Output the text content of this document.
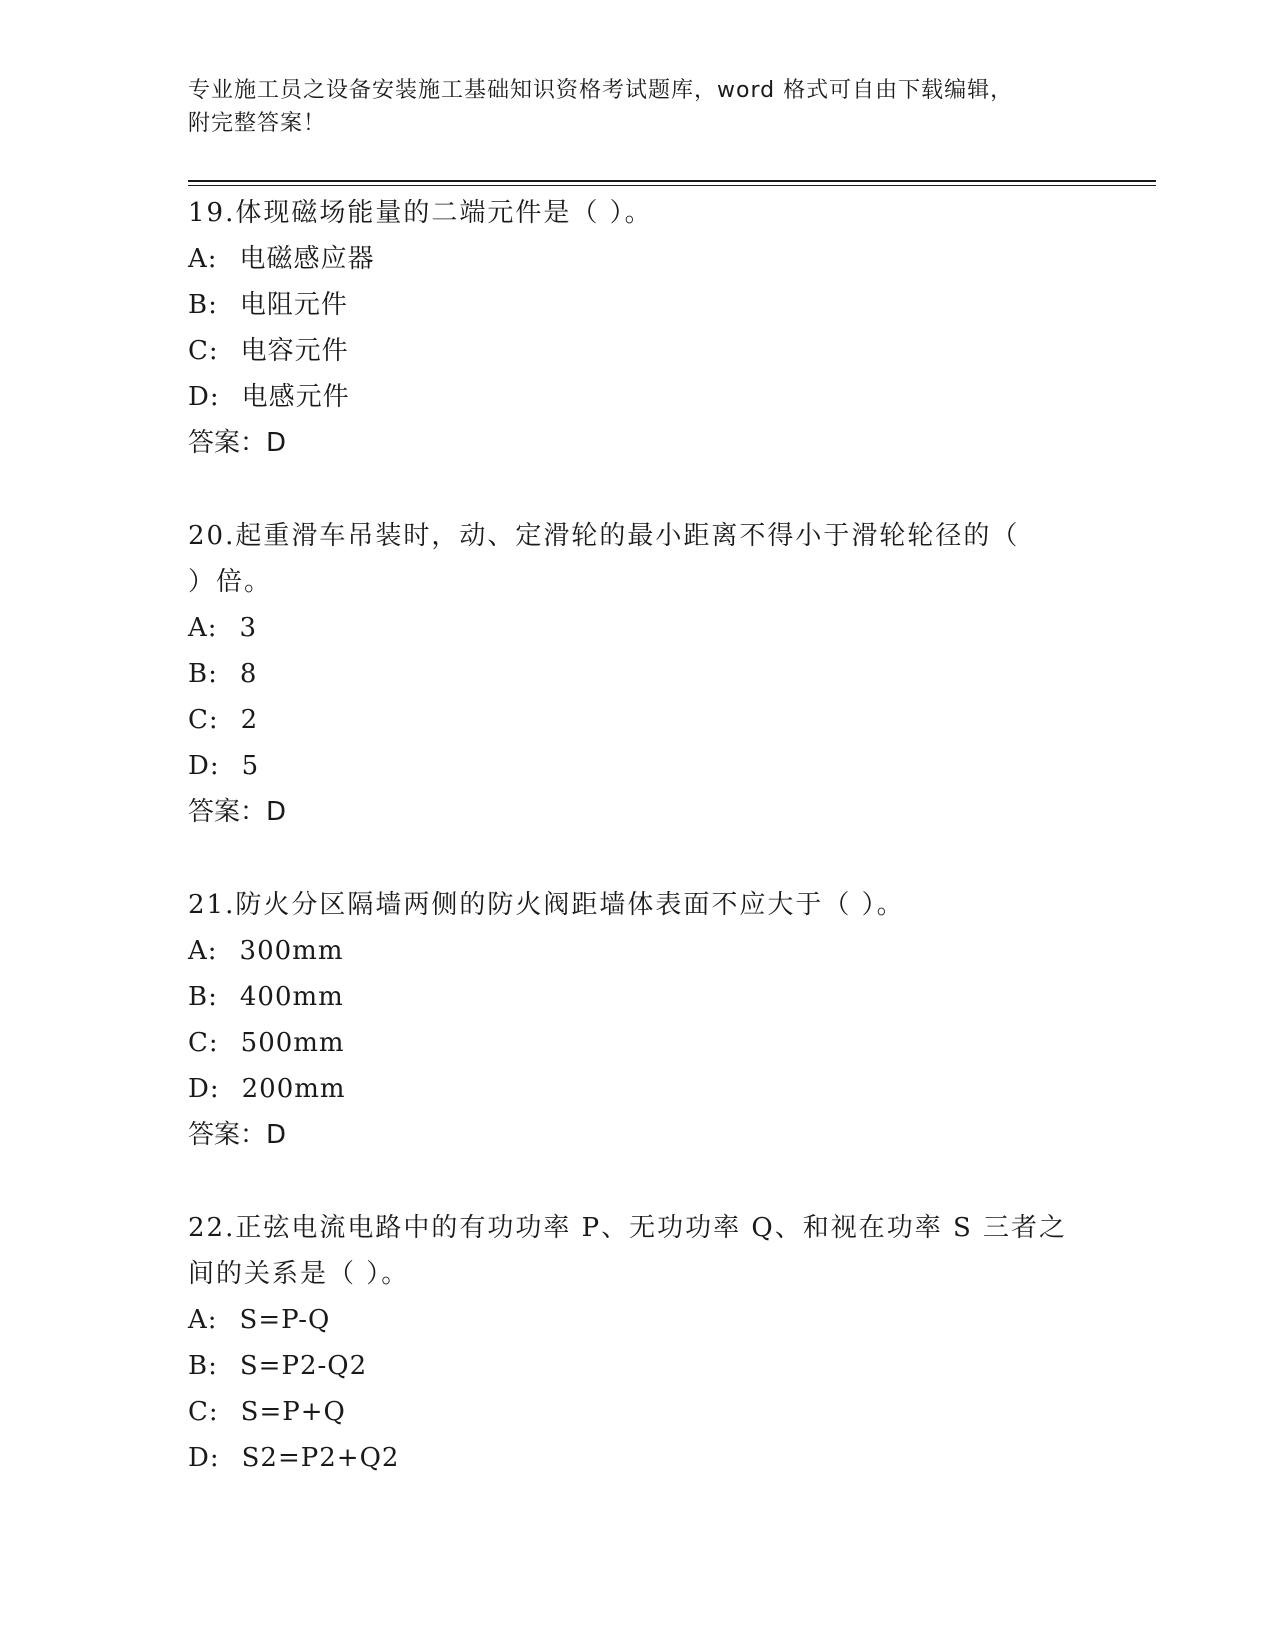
专业施工员之设备安装施工基础知识资格考试题库，word 格式可自由下载编辑，
附完整答案！

19.体现磁场能量的二端元件是（ ）。

A: 电磁感应器

B: 电阻元件

C: 电容元件

D: 电感元件

答案：D

20.起重滑车吊装时，动、定滑轮的最小距离不得小于滑轮轮径的（

）倍。

A: 3

B: 8

C: 2

D: 5

答案：D

21.防火分区隔墙两侧的防火阀距墙体表面不应大于（ ）。

A: 300mm

B: 400mm

C: 500mm

D: 200mm

答案：D

22.正弦电流电路中的有功功率 P、无功功率 Q、和视在功率 S 三者之

间的关系是（ ）。

A: S=P-Q

B: S=P2-Q2

C: S=P+Q

D: S2=P2+Q2
